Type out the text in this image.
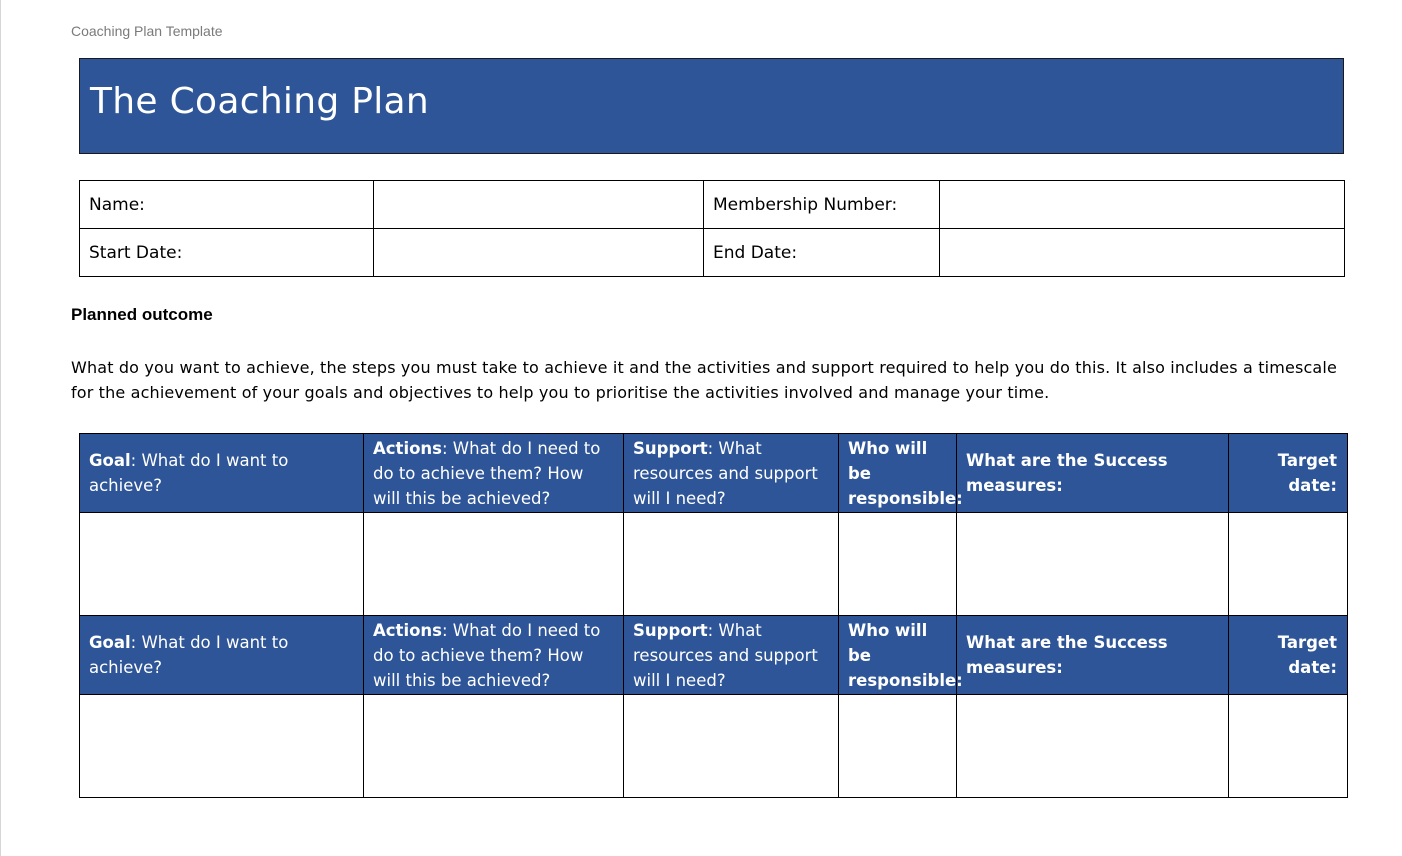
Coaching Plan Template
The Coaching Plan
Name:		Membership Number:	
Start Date:		End Date:	
Planned outcome

What do you want to achieve, the steps you must take to achieve it and the activities and support required to help you do this. It also includes a timescale for the achievement of your goals and objectives to help you to prioritise the activities involved and manage your time.

Goal: What do I want to achieve?	Actions: What do I need to do to achieve them? How will this be achieved?	Support: What resources and support will I need?	Who will be responsible:	What are the Success measures:	Target date:

Goal: What do I want to achieve?	Actions: What do I need to do to achieve them? How will this be achieved?	Support: What resources and support will I need?	Who will be responsible:	What are the Success measures:	Target date:
